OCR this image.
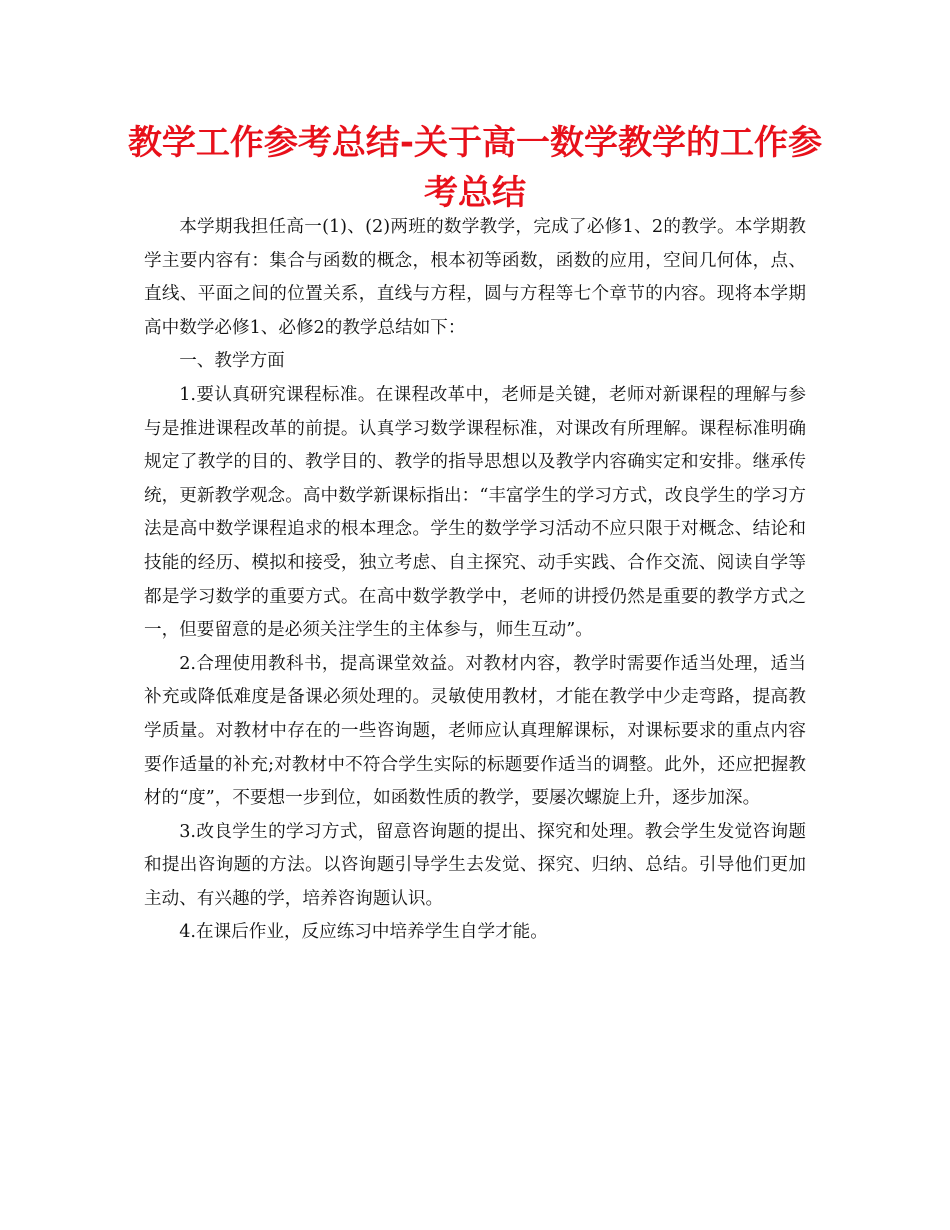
教学工作参考总结-关于高一数学教学的工作参考总结

本学期我担任高一(1)、(2)两班的数学教学，完成了必修1、2的教学。本学期教学主要内容有：集合与函数的概念，根本初等函数，函数的应用，空间几何体，点、直线、平面之间的位置关系，直线与方程，圆与方程等七个章节的内容。现将本学期高中数学必修1、必修2的教学总结如下：

一、教学方面

1.要认真研究课程标准。在课程改革中，老师是关键，老师对新课程的理解与参与是推进课程改革的前提。认真学习数学课程标准，对课改有所理解。课程标准明确规定了教学的目的、教学目的、教学的指导思想以及教学内容确实定和安排。继承传统，更新教学观念。高中数学新课标指出：“丰富学生的学习方式，改良学生的学习方法是高中数学课程追求的根本理念。学生的数学学习活动不应只限于对概念、结论和技能的经历、模拟和接受，独立考虑、自主探究、动手实践、合作交流、阅读自学等都是学习数学的重要方式。在高中数学教学中，老师的讲授仍然是重要的教学方式之一，但要留意的是必须关注学生的主体参与，师生互动”。

2.合理使用教科书，提高课堂效益。对教材内容，教学时需要作适当处理，适当补充或降低难度是备课必须处理的。灵敏使用教材，才能在教学中少走弯路，提高教学质量。对教材中存在的一些咨询题，老师应认真理解课标，对课标要求的重点内容要作适量的补充;对教材中不符合学生实际的标题要作适当的调整。此外，还应把握教材的“度”，不要想一步到位，如函数性质的教学，要屡次螺旋上升，逐步加深。

3.改良学生的学习方式，留意咨询题的提出、探究和处理。教会学生发觉咨询题和提出咨询题的方法。以咨询题引导学生去发觉、探究、归纳、总结。引导他们更加主动、有兴趣的学，培养咨询题认识。

4.在课后作业，反应练习中培养学生自学才能。
